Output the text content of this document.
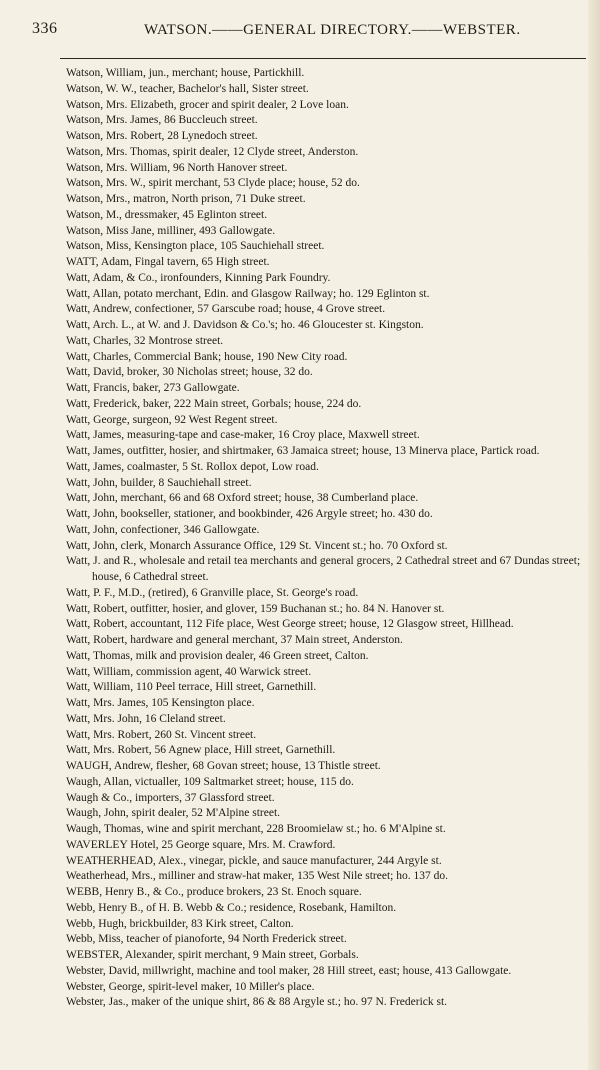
336	WATSON.——GENERAL DIRECTORY.——WEBSTER.

Watson, William, jun., merchant; house, Partickhill.

Watson, W. W., teacher, Bachelor's hall, Sister street.

Watson, Mrs. Elizabeth, grocer and spirit dealer, 2 Love loan.

Watson, Mrs. James, 86 Buccleuch street.

Watson, Mrs. Robert, 28 Lynedoch street.

Watson, Mrs. Thomas, spirit dealer, 12 Clyde street, Anderston.

Watson, Mrs. William, 96 North Hanover street.

Watson, Mrs. W., spirit merchant, 53 Clyde place; house, 52 do.

Watson, Mrs., matron, North prison, 71 Duke street.

Watson, M., dressmaker, 45 Eglinton street.

Watson, Miss Jane, milliner, 493 Gallowgate.

Watson, Miss, Kensington place, 105 Sauchiehall street.

WATT, Adam, Fingal tavern, 65 High street.

Watt, Adam, & Co., ironfounders, Kinning Park Foundry.

Watt, Allan, potato merchant, Edin. and Glasgow Railway; ho. 129 Eglinton st.

Watt, Andrew, confectioner, 57 Garscube road; house, 4 Grove street.

Watt, Arch. L., at W. and J. Davidson & Co.'s; ho. 46 Gloucester st. Kingston.

Watt, Charles, 32 Montrose street.

Watt, Charles, Commercial Bank; house, 190 New City road.

Watt, David, broker, 30 Nicholas street; house, 32 do.

Watt, Francis, baker, 273 Gallowgate.

Watt, Frederick, baker, 222 Main street, Gorbals; house, 224 do.

Watt, George, surgeon, 92 West Regent street.

Watt, James, measuring-tape and case-maker, 16 Croy place, Maxwell street.

Watt, James, outfitter, hosier, and shirtmaker, 63 Jamaica street; house, 13 Minerva place, Partick road.

Watt, James, coalmaster, 5 St. Rollox depot, Low road.

Watt, John, builder, 8 Sauchiehall street.

Watt, John, merchant, 66 and 68 Oxford street; house, 38 Cumberland place.

Watt, John, bookseller, stationer, and bookbinder, 426 Argyle street; ho. 430 do.

Watt, John, confectioner, 346 Gallowgate.

Watt, John, clerk, Monarch Assurance Office, 129 St. Vincent st.; ho. 70 Oxford st.

Watt, J. and R., wholesale and retail tea merchants and general grocers, 2 Cathedral street and 67 Dundas street; house, 6 Cathedral street.

Watt, P. F., M.D., (retired), 6 Granville place, St. George's road.

Watt, Robert, outfitter, hosier, and glover, 159 Buchanan st.; ho. 84 N. Hanover st.

Watt, Robert, accountant, 112 Fife place, West George street; house, 12 Glasgow street, Hillhead.

Watt, Robert, hardware and general merchant, 37 Main street, Anderston.

Watt, Thomas, milk and provision dealer, 46 Green street, Calton.

Watt, William, commission agent, 40 Warwick street.

Watt, William, 110 Peel terrace, Hill street, Garnethill.

Watt, Mrs. James, 105 Kensington place.

Watt, Mrs. John, 16 Cleland street.

Watt, Mrs. Robert, 260 St. Vincent street.

Watt, Mrs. Robert, 56 Agnew place, Hill street, Garnethill.

WAUGH, Andrew, flesher, 68 Govan street; house, 13 Thistle street.

Waugh, Allan, victualler, 109 Saltmarket street; house, 115 do.

Waugh & Co., importers, 37 Glassford street.

Waugh, John, spirit dealer, 52 M'Alpine street.

Waugh, Thomas, wine and spirit merchant, 228 Broomielaw st.; ho. 6 M'Alpine st.

WAVERLEY Hotel, 25 George square, Mrs. M. Crawford.

WEATHERHEAD, Alex., vinegar, pickle, and sauce manufacturer, 244 Argyle st.

Weatherhead, Mrs., milliner and straw-hat maker, 135 West Nile street; ho. 137 do.

WEBB, Henry B., & Co., produce brokers, 23 St. Enoch square.

Webb, Henry B., of H. B. Webb & Co.; residence, Rosebank, Hamilton.

Webb, Hugh, brickbuilder, 83 Kirk street, Calton.

Webb, Miss, teacher of pianoforte, 94 North Frederick street.

WEBSTER, Alexander, spirit merchant, 9 Main street, Gorbals.

Webster, David, millwright, machine and tool maker, 28 Hill street, east; house, 413 Gallowgate.

Webster, George, spirit-level maker, 10 Miller's place.

Webster, Jas., maker of the unique shirt, 86 & 88 Argyle st.; ho. 97 N. Frederick st.
